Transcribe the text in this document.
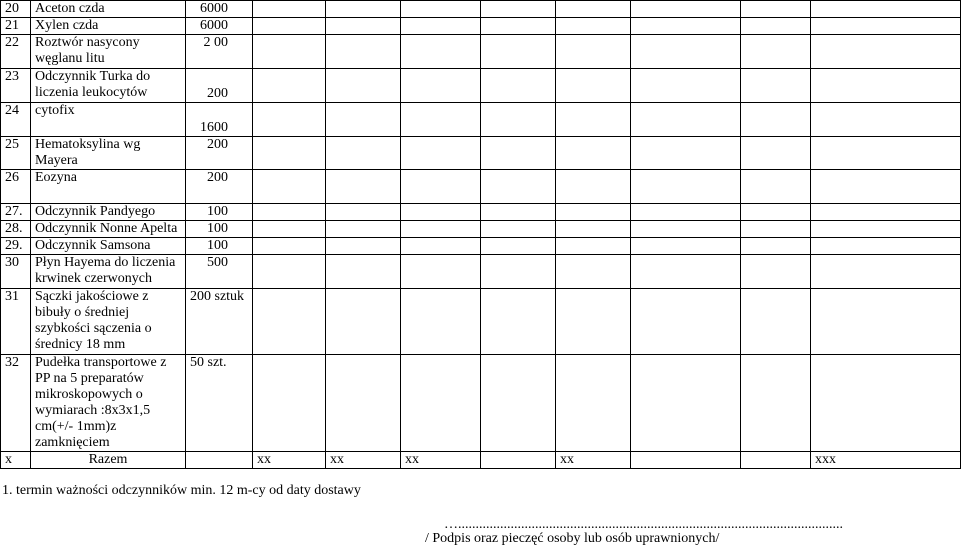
20	Aceton czda	6000								
21	Xylen czda	6000								
22	Roztwór nasycony węglanu litu	2 00								
23	Odczynnik Turka do liczenia leukocytów	200								
24	cytofix	1600								
25	Hematoksylina wg Mayera	200								
26	Eozyna	200								
27.	Odczynnik Pandyego	100								
28.	Odczynnik Nonne Apelta	100								
29.	Odczynnik Samsona	100								
30	Płyn Hayema do liczenia krwinek czerwonych	500								
31	Sączki jakościowe z bibuły o średniej szybkości sączenia o średnicy 18 mm	200 sztuk								
32	Pudełka transportowe z PP na 5 preparatów mikroskopowych o wymiarach :8x3x1,5 cm(+/- 1mm)z zamknięciem	50 szt.								
x	Razem		xx	xx	xx		xx			xxx
1. termin ważności odczynników min. 12 m-cy od daty dostawy
…..............................................................................................................
/ Podpis oraz pieczęć osoby lub osób uprawnionych/
